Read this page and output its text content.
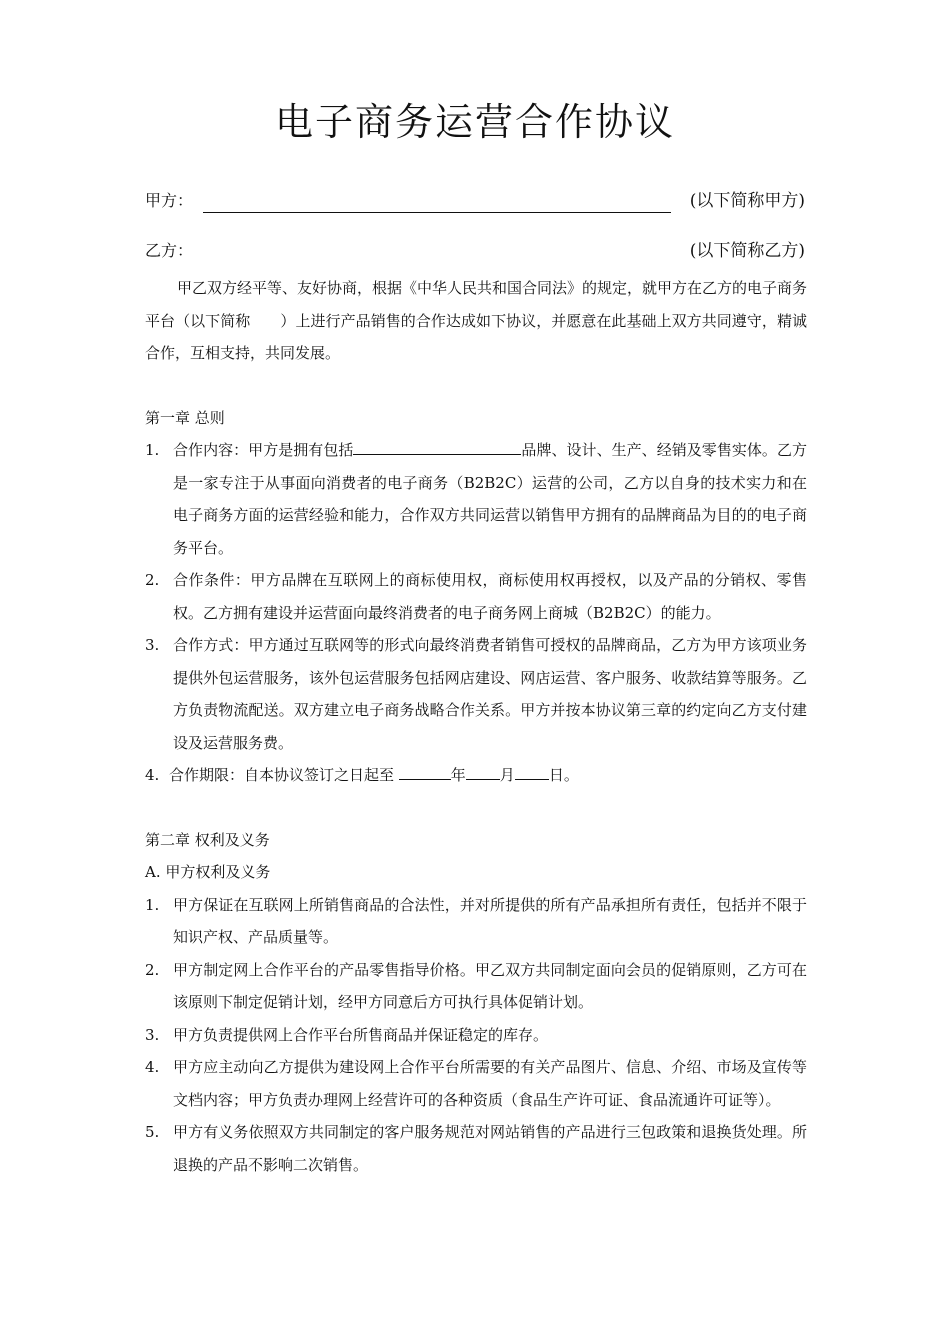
电子商务运营合作协议
甲方：	(以下简称甲方)
乙方：	(以下简称乙方)
甲乙双方经平等、友好协商，根据《中华人民共和国合同法》的规定，就甲方在乙方的电子商务平台（以下简称　　）上进行产品销售的合作达成如下协议，并愿意在此基础上双方共同遵守，精诚合作，互相支持，共同发展。
第一章 总则
1. 合作内容：甲方是拥有包括	品牌、设计、生产、经销及零售实体。乙方是一家专注于从事面向消费者的电子商务（B2B2C）运营的公司，乙方以自身的技术实力和在电子商务方面的运营经验和能力，合作双方共同运营以销售甲方拥有的品牌商品为目的的电子商务平台。
2. 合作条件：甲方品牌在互联网上的商标使用权，商标使用权再授权，以及产品的分销权、零售权。乙方拥有建设并运营面向最终消费者的电子商务网上商城（B2B2C）的能力。
3. 合作方式：甲方通过互联网等的形式向最终消费者销售可授权的品牌商品，乙方为甲方该项业务提供外包运营服务，该外包运营服务包括网店建设、网店运营、客户服务、收款结算等服务。乙方负责物流配送。双方建立电子商务战略合作关系。甲方并按本协议第三章的约定向乙方支付建设及运营服务费。
4. 合作期限：自本协议签订之日起至	年 月 日。
第二章 权利及义务
A. 甲方权利及义务
1. 甲方保证在互联网上所销售商品的合法性，并对所提供的所有产品承担所有责任，包括并不限于知识产权、产品质量等。
2. 甲方制定网上合作平台的产品零售指导价格。甲乙双方共同制定面向会员的促销原则，乙方可在该原则下制定促销计划，经甲方同意后方可执行具体促销计划。
3. 甲方负责提供网上合作平台所售商品并保证稳定的库存。
4. 甲方应主动向乙方提供为建设网上合作平台所需要的有关产品图片、信息、介绍、市场及宣传等文档内容；甲方负责办理网上经营许可的各种资质（食品生产许可证、食品流通许可证等）。
5. 甲方有义务依照双方共同制定的客户服务规范对网站销售的产品进行三包政策和退换货处理。所退换的产品不影响二次销售。
